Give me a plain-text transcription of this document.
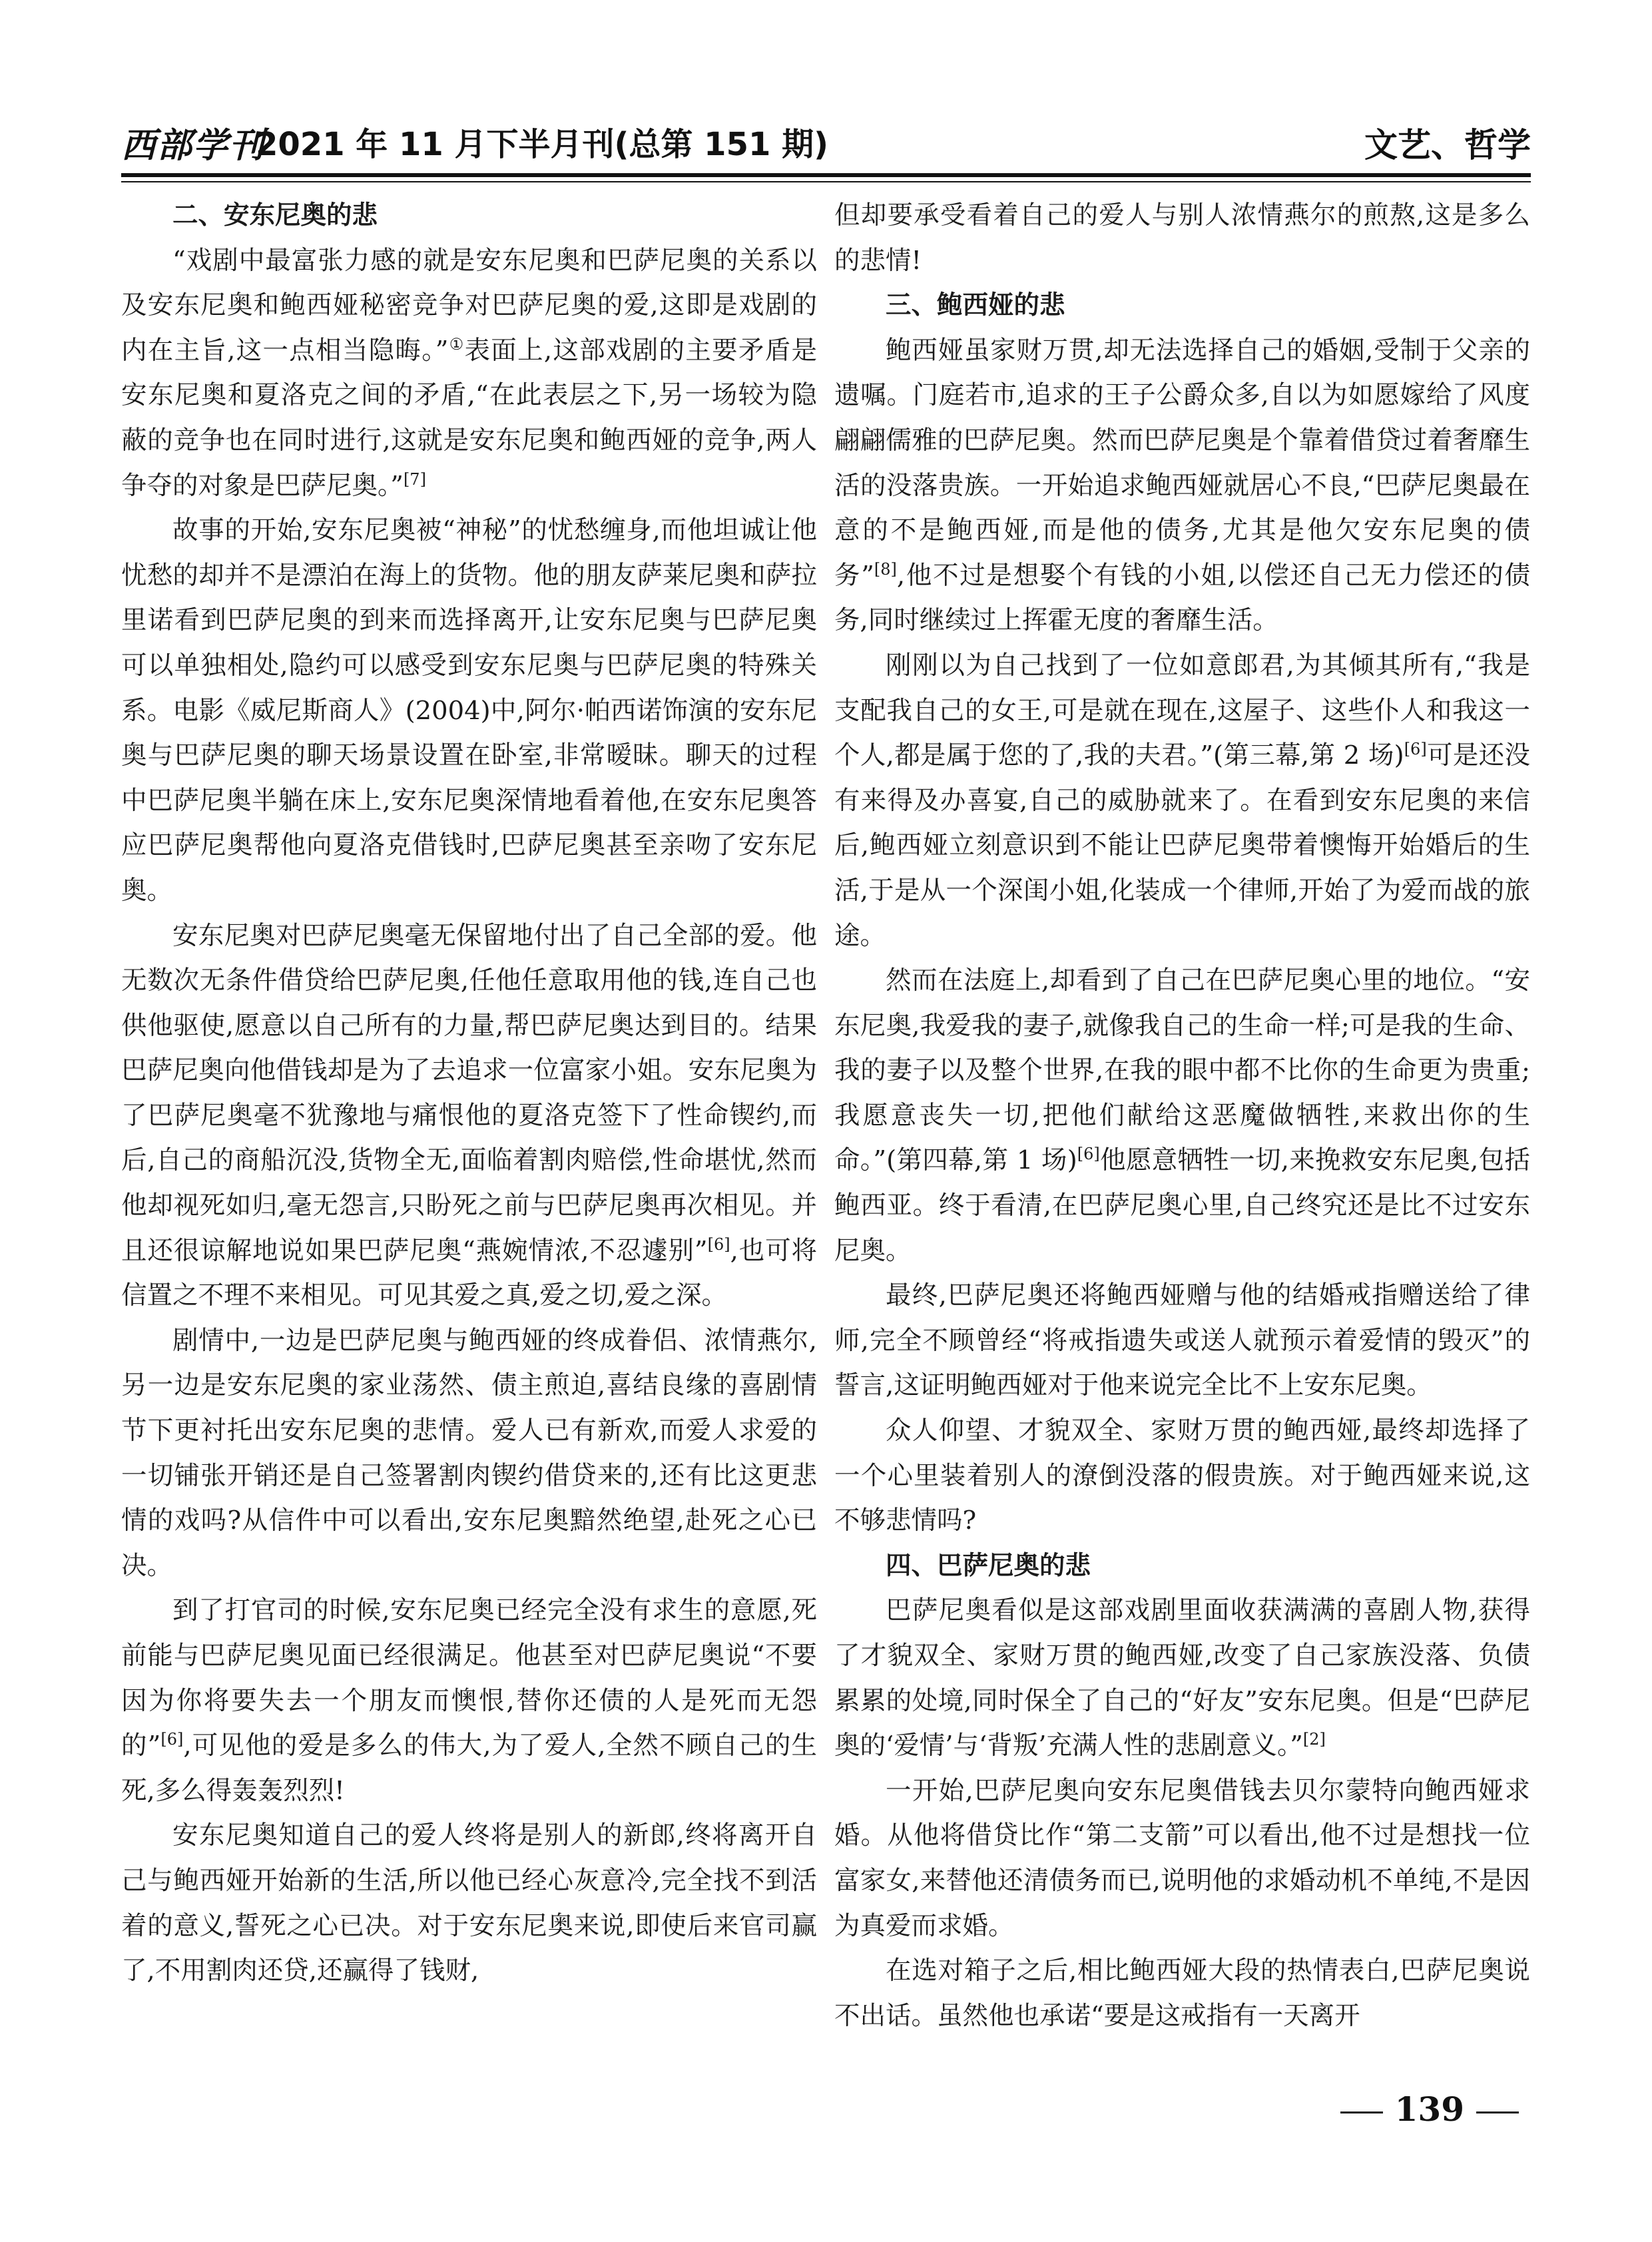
西部学刊
2021 年 11 月下半月刊(总第 151 期)	文艺、哲学
二、安东尼奥的悲

“戏剧中最富张力感的就是安东尼奥和巴萨尼奥的关系以及安东尼奥和鲍西娅秘密竞争对巴萨尼奥的爱,这即是戏剧的内在主旨,这一点相当隐晦。”①表面上,这部戏剧的主要矛盾是安东尼奥和夏洛克之间的矛盾,“在此表层之下,另一场较为隐蔽的竞争也在同时进行,这就是安东尼奥和鲍西娅的竞争,两人争夺的对象是巴萨尼奥。”[7]

故事的开始,安东尼奥被“神秘”的忧愁缠身,而他坦诚让他忧愁的却并不是漂泊在海上的货物。他的朋友萨莱尼奥和萨拉里诺看到巴萨尼奥的到来而选择离开,让安东尼奥与巴萨尼奥可以单独相处,隐约可以感受到安东尼奥与巴萨尼奥的特殊关系。电影《威尼斯商人》(2004)中,阿尔·帕西诺饰演的安东尼奥与巴萨尼奥的聊天场景设置在卧室,非常暧昧。聊天的过程中巴萨尼奥半躺在床上,安东尼奥深情地看着他,在安东尼奥答应巴萨尼奥帮他向夏洛克借钱时,巴萨尼奥甚至亲吻了安东尼奥。

安东尼奥对巴萨尼奥毫无保留地付出了自己全部的爱。他无数次无条件借贷给巴萨尼奥,任他任意取用他的钱,连自己也供他驱使,愿意以自己所有的力量,帮巴萨尼奥达到目的。结果巴萨尼奥向他借钱却是为了去追求一位富家小姐。安东尼奥为了巴萨尼奥毫不犹豫地与痛恨他的夏洛克签下了性命锲约,而后,自己的商船沉没,货物全无,面临着割肉赔偿,性命堪忧,然而他却视死如归,毫无怨言,只盼死之前与巴萨尼奥再次相见。并且还很谅解地说如果巴萨尼奥“燕婉情浓,不忍遽别”[6],也可将信置之不理不来相见。可见其爱之真,爱之切,爱之深。

剧情中,一边是巴萨尼奥与鲍西娅的终成眷侣、浓情燕尔,另一边是安东尼奥的家业荡然、债主煎迫,喜结良缘的喜剧情节下更衬托出安东尼奥的悲情。爱人已有新欢,而爱人求爱的一切铺张开销还是自己签署割肉锲约借贷来的,还有比这更悲情的戏吗?从信件中可以看出,安东尼奥黯然绝望,赴死之心已决。

到了打官司的时候,安东尼奥已经完全没有求生的意愿,死前能与巴萨尼奥见面已经很满足。他甚至对巴萨尼奥说“不要因为你将要失去一个朋友而懊恨,替你还债的人是死而无怨的”[6],可见他的爱是多么的伟大,为了爱人,全然不顾自己的生死,多么得轰轰烈烈!

安东尼奥知道自己的爱人终将是别人的新郎,终将离开自己与鲍西娅开始新的生活,所以他已经心灰意冷,完全找不到活着的意义,誓死之心已决。对于安东尼奥来说,即使后来官司赢了,不用割肉还贷,还赢得了钱财,

但却要承受看着自己的爱人与别人浓情燕尔的煎熬,这是多么的悲情!

三、鲍西娅的悲

鲍西娅虽家财万贯,却无法选择自己的婚姻,受制于父亲的遗嘱。门庭若市,追求的王子公爵众多,自以为如愿嫁给了风度翩翩儒雅的巴萨尼奥。然而巴萨尼奥是个靠着借贷过着奢靡生活的没落贵族。一开始追求鲍西娅就居心不良,“巴萨尼奥最在意的不是鲍西娅,而是他的债务,尤其是他欠安东尼奥的债务”[8],他不过是想娶个有钱的小姐,以偿还自己无力偿还的债务,同时继续过上挥霍无度的奢靡生活。

刚刚以为自己找到了一位如意郎君,为其倾其所有,“我是支配我自己的女王,可是就在现在,这屋子、这些仆人和我这一个人,都是属于您的了,我的夫君。”(第三幕,第 2 场)[6]可是还没有来得及办喜宴,自己的威胁就来了。在看到安东尼奥的来信后,鲍西娅立刻意识到不能让巴萨尼奥带着懊悔开始婚后的生活,于是从一个深闺小姐,化装成一个律师,开始了为爱而战的旅途。

然而在法庭上,却看到了自己在巴萨尼奥心里的地位。“安东尼奥,我爱我的妻子,就像我自己的生命一样;可是我的生命、我的妻子以及整个世界,在我的眼中都不比你的生命更为贵重;我愿意丧失一切,把他们献给这恶魔做牺牲,来救出你的生命。”(第四幕,第 1 场)[6]他愿意牺牲一切,来挽救安东尼奥,包括鲍西亚。终于看清,在巴萨尼奥心里,自己终究还是比不过安东尼奥。

最终,巴萨尼奥还将鲍西娅赠与他的结婚戒指赠送给了律师,完全不顾曾经“将戒指遗失或送人就预示着爱情的毁灭”的誓言,这证明鲍西娅对于他来说完全比不上安东尼奥。

众人仰望、才貌双全、家财万贯的鲍西娅,最终却选择了一个心里装着别人的潦倒没落的假贵族。对于鲍西娅来说,这不够悲情吗?

四、巴萨尼奥的悲

巴萨尼奥看似是这部戏剧里面收获满满的喜剧人物,获得了才貌双全、家财万贯的鲍西娅,改变了自己家族没落、负债累累的处境,同时保全了自己的“好友”安东尼奥。但是“巴萨尼奥的‘爱情’与‘背叛’充满人性的悲剧意义。”[2]

一开始,巴萨尼奥向安东尼奥借钱去贝尔蒙特向鲍西娅求婚。从他将借贷比作“第二支箭”可以看出,他不过是想找一位富家女,来替他还清债务而已,说明他的求婚动机不单纯,不是因为真爱而求婚。

在选对箱子之后,相比鲍西娅大段的热情表白,巴萨尼奥说不出话。虽然他也承诺“要是这戒指有一天离开

139
